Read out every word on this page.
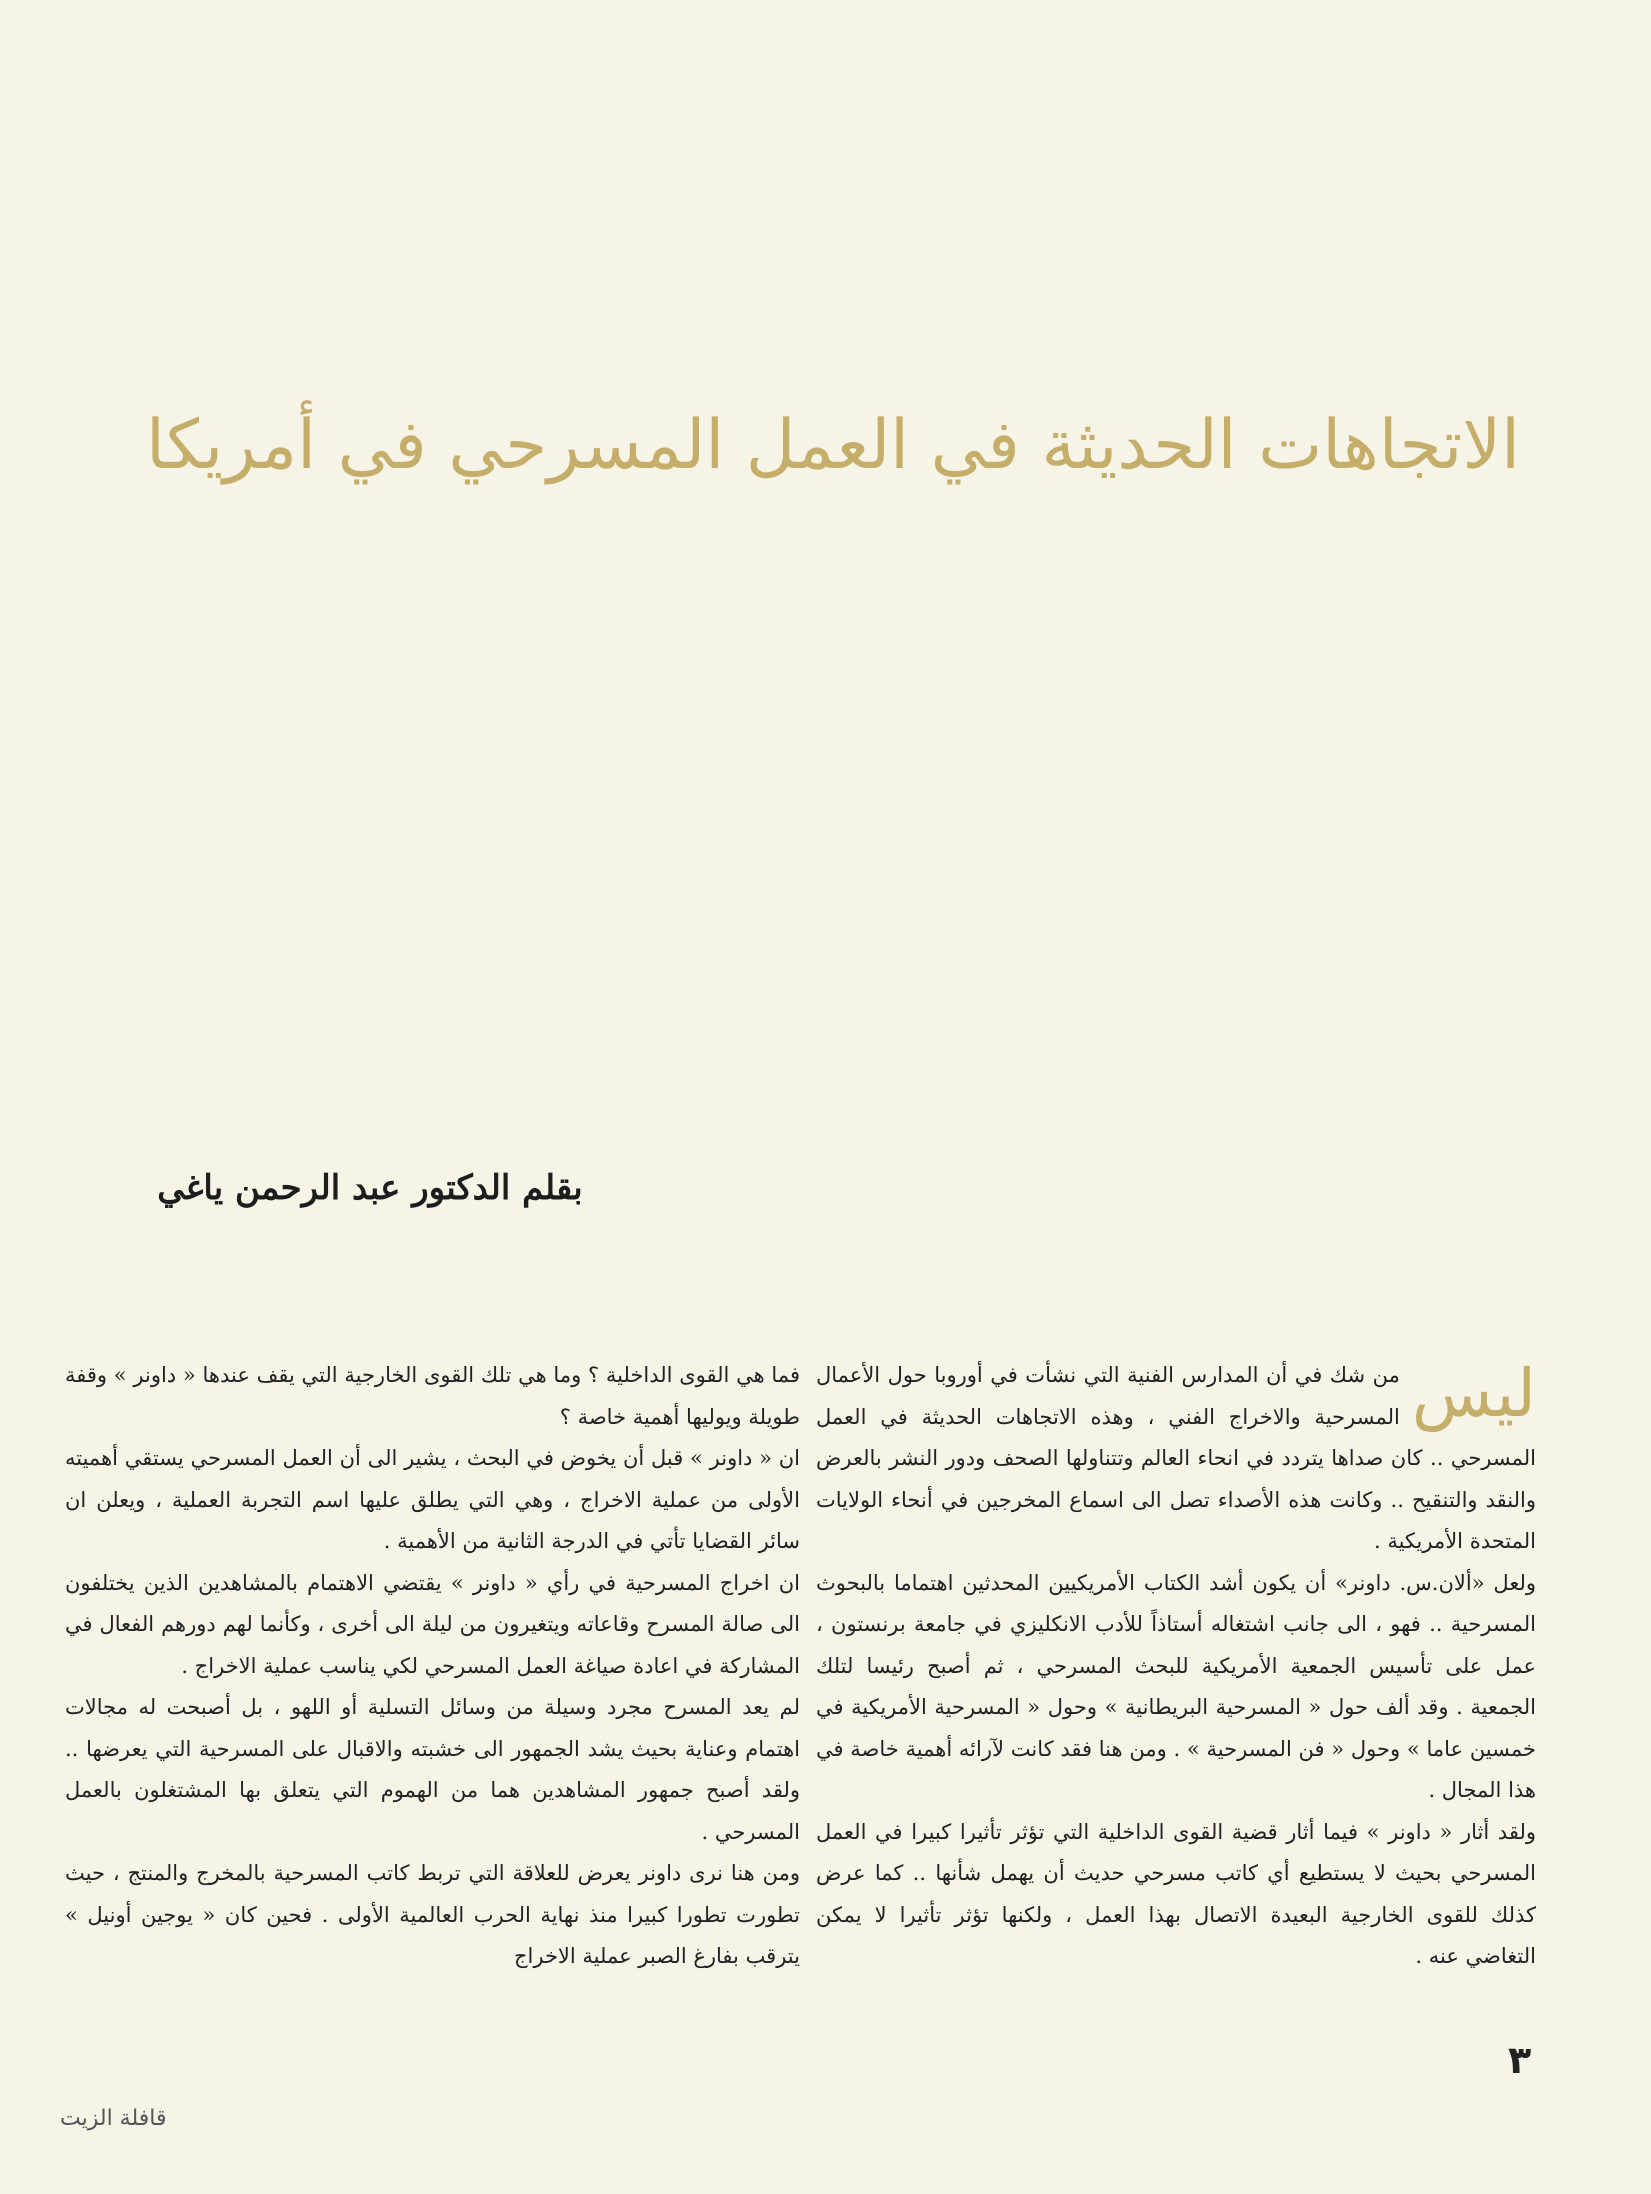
الاتجاهات الحديثة في العمل المسرحي في أمريكا
بقلم الدكتور عبد الرحمن ياغي

ليس
من شك في أن المدارس الفنية التي نشأت في أوروبا حول الأعمال المسرحية والاخراج الفني ، وهذه الاتجاهات الحديثة في العمل المسرحي .. كان صداها يتردد في انحاء العالم وتتناولها الصحف ودور النشر بالعرض والنقد والتنقيح .. وكانت هذه الأصداء تصل الى اسماع المخرجين في أنحاء الولايات المتحدة الأمريكية .

ولعل «ألان.س. داونر» أن يكون أشد الكتاب الأمريكيين المحدثين اهتماما بالبحوث المسرحية .. فهو ، الى جانب اشتغاله أستاذاً للأدب الانكليزي في جامعة برنستون ، عمل على تأسيس الجمعية الأمريكية للبحث المسرحي ، ثم أصبح رئيسا لتلك الجمعية . وقد ألف حول « المسرحية البريطانية » وحول « المسرحية الأمريكية في خمسين عاما » وحول « فن المسرحية » . ومن هنا فقد كانت لآرائه أهمية خاصة في هذا المجال .

ولقد أثار « داونر » فيما أثار قضية القوى الداخلية التي تؤثر تأثيرا كبيرا في العمل المسرحي بحيث لا يستطيع أي كاتب مسرحي حديث أن يهمل شأنها .. كما عرض كذلك للقوى الخارجية البعيدة الاتصال بهذا العمل ، ولكنها تؤثر تأثيرا لا يمكن التغاضي عنه .

فما هي القوى الداخلية ؟ وما هي تلك القوى الخارجية التي يقف عندها « داونر » وقفة طويلة ويوليها أهمية خاصة ؟

ان « داونر » قبل أن يخوض في البحث ، يشير الى أن العمل المسرحي يستقي أهميته الأولى من عملية الاخراج ، وهي التي يطلق عليها اسم التجربة العملية ، ويعلن ان سائر القضايا تأتي في الدرجة الثانية من الأهمية .

ان اخراج المسرحية في رأي « داونر » يقتضي الاهتمام بالمشاهدين الذين يختلفون الى صالة المسرح وقاعاته ويتغيرون من ليلة الى أخرى ، وكأنما لهم دورهم الفعال في المشاركة في اعادة صياغة العمل المسرحي لكي يناسب عملية الاخراج .

لم يعد المسرح مجرد وسيلة من وسائل التسلية أو اللهو ، بل أصبحت له مجالات اهتمام وعناية بحيث يشد الجمهور الى خشبته والاقبال على المسرحية التي يعرضها .. ولقد أصبح جمهور المشاهدين هما من الهموم التي يتعلق بها المشتغلون بالعمل المسرحي .

ومن هنا نرى داونر يعرض للعلاقة التي تربط كاتب المسرحية بالمخرج والمنتج ، حيث تطورت تطورا كبيرا منذ نهاية الحرب العالمية الأولى . فحين كان « يوجين أونيل » يترقب بفارغ الصبر عملية الاخراج

٣
قافلة الزيت
